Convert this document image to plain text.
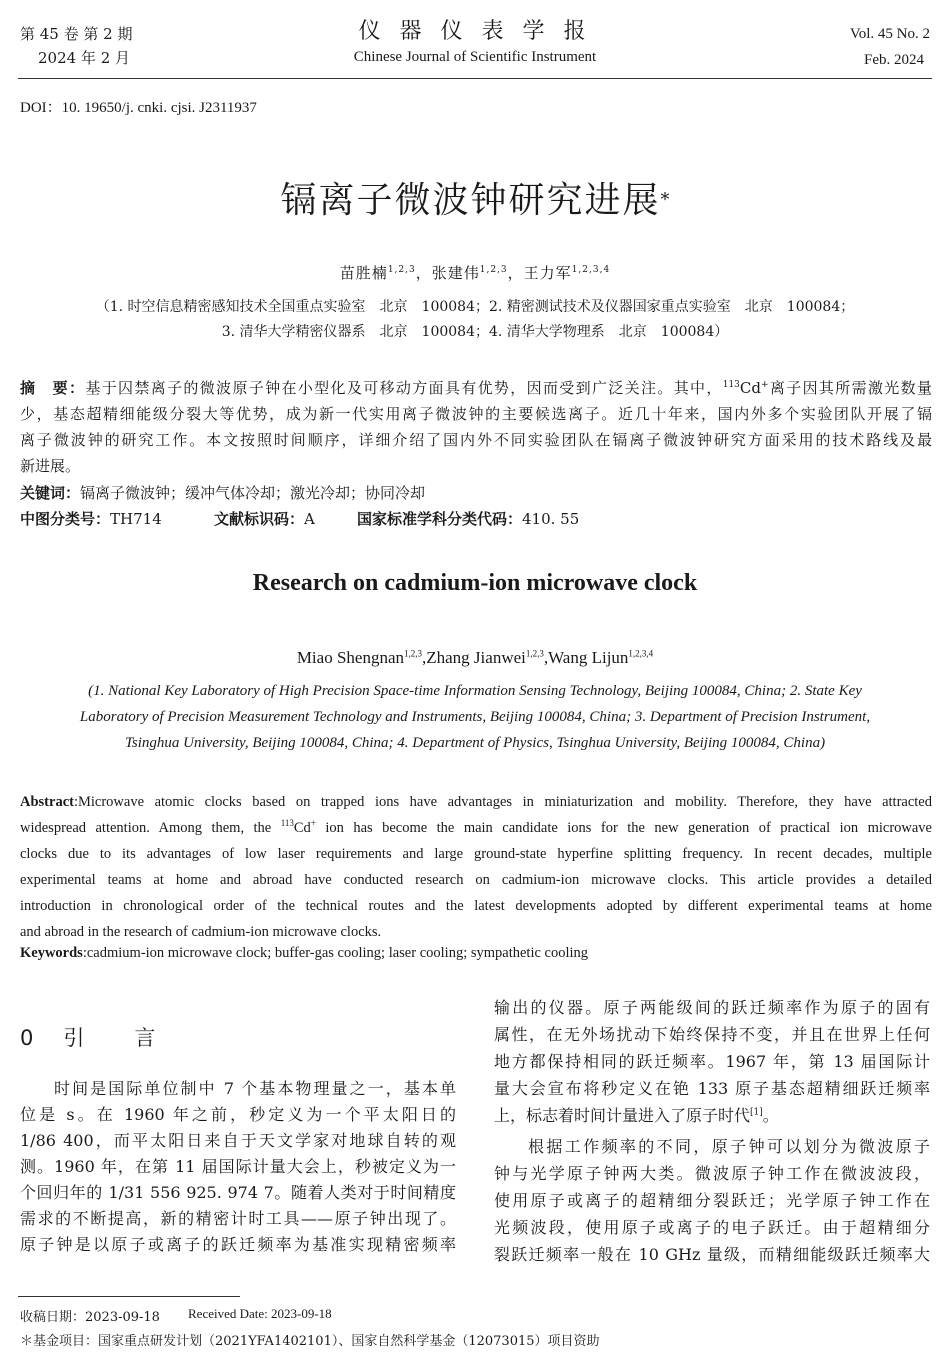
第 45 卷 第 2 期
2024 年 2 月
仪 器 仪 表 学 报
Chinese Journal of Scientific Instrument
Vol. 45 No. 2
Feb. 2024
DOI：10. 19650/j. cnki. cjsi. J2311937
镉离子微波钟研究进展*
苗胜楠$^{1,2,3}$，张建伟$^{1,2,3}$，王力军$^{1,2,3,4}$
（1. 时空信息精密感知技术全国重点实验室　北京　100084；2. 精密测试技术及仪器国家重点实验室　北京　100084；
3. 清华大学精密仪器系　北京　100084；4. 清华大学物理系　北京　100084）
摘　要：基于囚禁离子的微波原子钟在小型化及可移动方面具有优势，因而受到广泛关注。其中，$^{113}$Cd+离子因其所需激光数量
少，基态超精细能级分裂大等优势，成为新一代实用离子微波钟的主要候选离子。近几十年来，国内外多个实验团队开展了镉
离子微波钟的研究工作。本文按照时间顺序，详细介绍了国内外不同实验团队在镉离子微波钟研究方面采用的技术路线及最
新进展。
关键词：镉离子微波钟；缓冲气体冷却；激光冷却；协同冷却
中图分类号：TH714	文献标识码：A	国家标准学科分类代码：410. 55
Research on cadmium-ion microwave clock
Miao Shengnan$^{1,2,3}$,Zhang Jianwei$^{1,2,3}$,Wang Lijun$^{1,2,3,4}$
(1. National Key Laboratory of High Precision Space-time Information Sensing Technology, Beijing 100084, China; 2. State Key
Laboratory of Precision Measurement Technology and Instruments, Beijing 100084, China; 3. Department of Precision Instrument,
Tsinghua University, Beijing 100084, China; 4. Department of Physics, Tsinghua University, Beijing 100084, China)
Abstract:Microwave atomic clocks based on trapped ions have advantages in miniaturization and mobility. Therefore, they have attracted
widespread attention. Among them, the $^{113}$Cd+ ion has become the main candidate ions for the new generation of practical ion microwave
clocks due to its advantages of low laser requirements and large ground-state hyperfine splitting frequency. In recent decades, multiple
experimental teams at home and abroad have conducted research on cadmium-ion microwave clocks. This article provides a detailed
introduction in chronological order of the technical routes and the latest developments adopted by different experimental teams at home
and abroad in the research of cadmium-ion microwave clocks.
Keywords:cadmium-ion microwave clock; buffer-gas cooling; laser cooling; sympathetic cooling
0 引 言
时间是国际单位制中 7 个基本物理量之一，基本单
位是 s。在 1960 年之前，秒定义为一个平太阳日的
1/86 400，而平太阳日来自于天文学家对地球自转的观
测。1960 年，在第 11 届国际计量大会上，秒被定义为一
个回归年的 1/31 556 925. 974 7。随着人类对于时间精度
需求的不断提高，新的精密计时工具——原子钟出现了。
原子钟是以原子或离子的跃迁频率为基准实现精密频率
输出的仪器。原子两能级间的跃迁频率作为原子的固有
属性，在无外场扰动下始终保持不变，并且在世界上任何
地方都保持相同的跃迁频率。1967 年，第 13 届国际计
量大会宣布将秒定义在铯 133 原子基态超精细跃迁频率
上，标志着时间计量进入了原子时代[1]。
根据工作频率的不同，原子钟可以划分为微波原子
钟与光学原子钟两大类。微波原子钟工作在微波波段，
使用原子或离子的超精细分裂跃迁；光学原子钟工作在
光频波段，使用原子或离子的电子跃迁。由于超精细分
裂跃迁频率一般在 10 GHz 量级，而精细能级跃迁频率大
收稿日期：2023-09-18 Received Date: 2023-09-18
＊基金项目：国家重点研发计划（2021YFA1402101）、国家自然科学基金（12073015）项目资助
